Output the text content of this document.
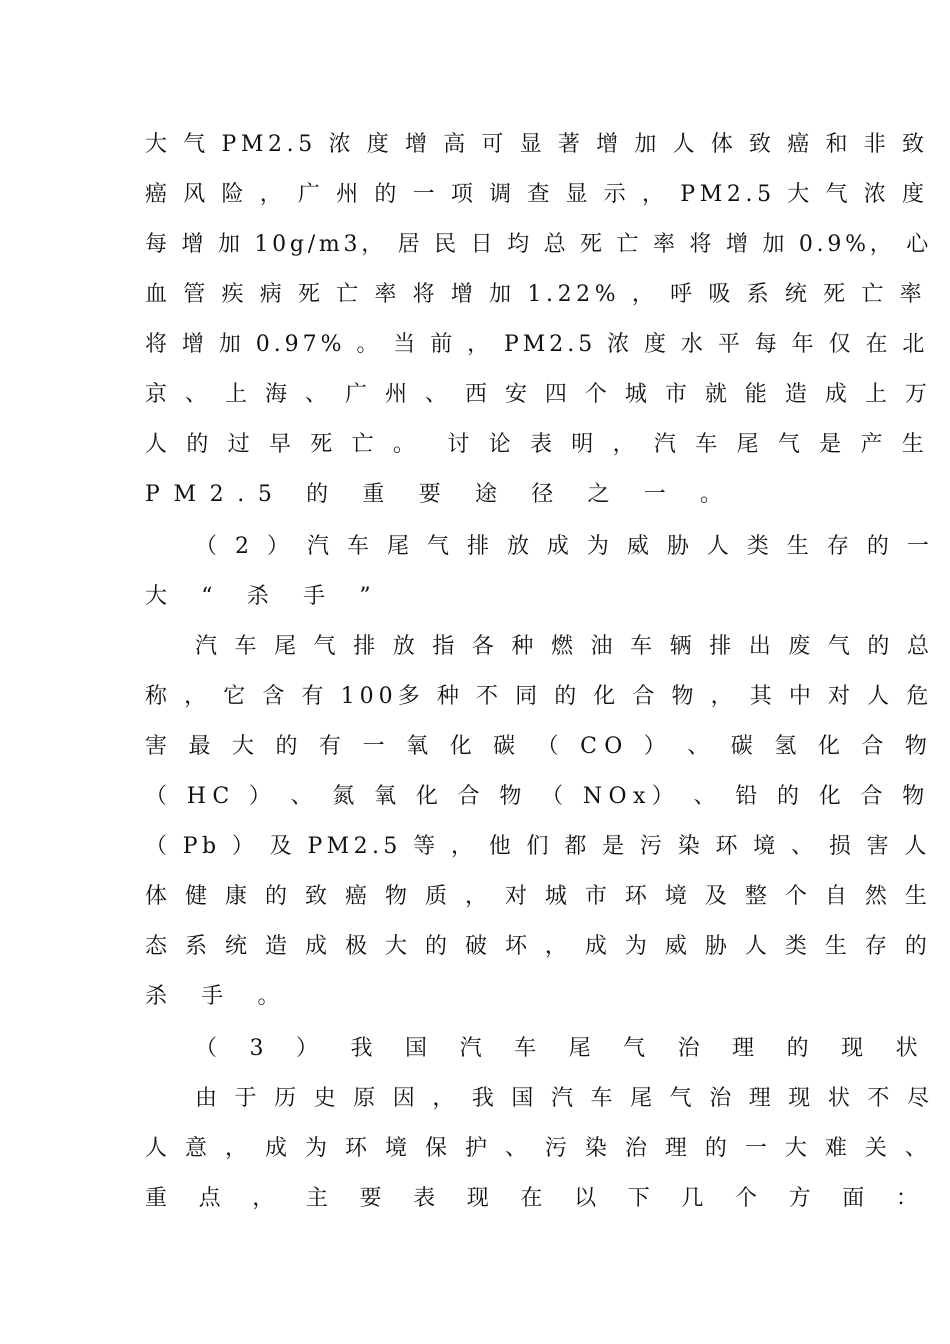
大 气 PM2.5 浓 度 增 高 可 显 著 增 加 人 体 致 癌 和 非 致
癌 风 险 ， 广 州 的 一 项 调 查 显 示 ， PM2.5 大 气 浓 度
每 增 加 10g/m3， 居 民 日 均 总 死 亡 率 将 增 加 0.9%， 心
血 管 疾 病 死 亡 率 将 增 加 1.22% ， 呼 吸 系 统 死 亡 率
将 增 加 0.97% 。 当 前 ， PM2.5 浓 度 水 平 每 年 仅 在 北
京 、 上 海 、 广 州 、 西 安 四 个 城 市 就 能 造 成 上 万
人 的 过 早 死 亡 。  讨 论 表 明 ， 汽 车 尾 气 是 产 生
PM2.5 的 重 要 途 径 之 一 。
（ 2 ） 汽 车 尾 气 排 放 成 为 威 胁 人 类 生 存 的 一
大 “ 杀 手 ”
汽 车 尾 气 排 放 指 各 种 燃 油 车 辆 排 出 废 气 的 总
称 ， 它 含 有 100多 种 不 同 的 化 合 物 ， 其 中 对 人 危
害 最 大 的 有 一 氧 化 碳 （ CO ） 、 碳 氢 化 合 物
（ HC ） 、 氮 氧 化 合 物 （ NOx） 、 铅 的 化 合 物
（ Pb ） 及 PM2.5 等 ， 他 们 都 是 污 染 环 境 、 损 害 人
体 健 康 的 致 癌 物 质 ， 对 城 市 环 境 及 整 个 自 然 生
态 系 统 造 成 极 大 的 破 坏 ， 成 为 威 胁 人 类 生 存 的
杀 手 。
（ 3 ） 我 国 汽 车 尾 气 治 理 的 现 状
由 于 历 史 原 因 ， 我 国 汽 车 尾 气 治 理 现 状 不 尽
人 意 ， 成 为 环 境 保 护 、 污 染 治 理 的 一 大 难 关 、
重 点 ， 主 要 表 现 在 以 下 几 个 方 面 ：
